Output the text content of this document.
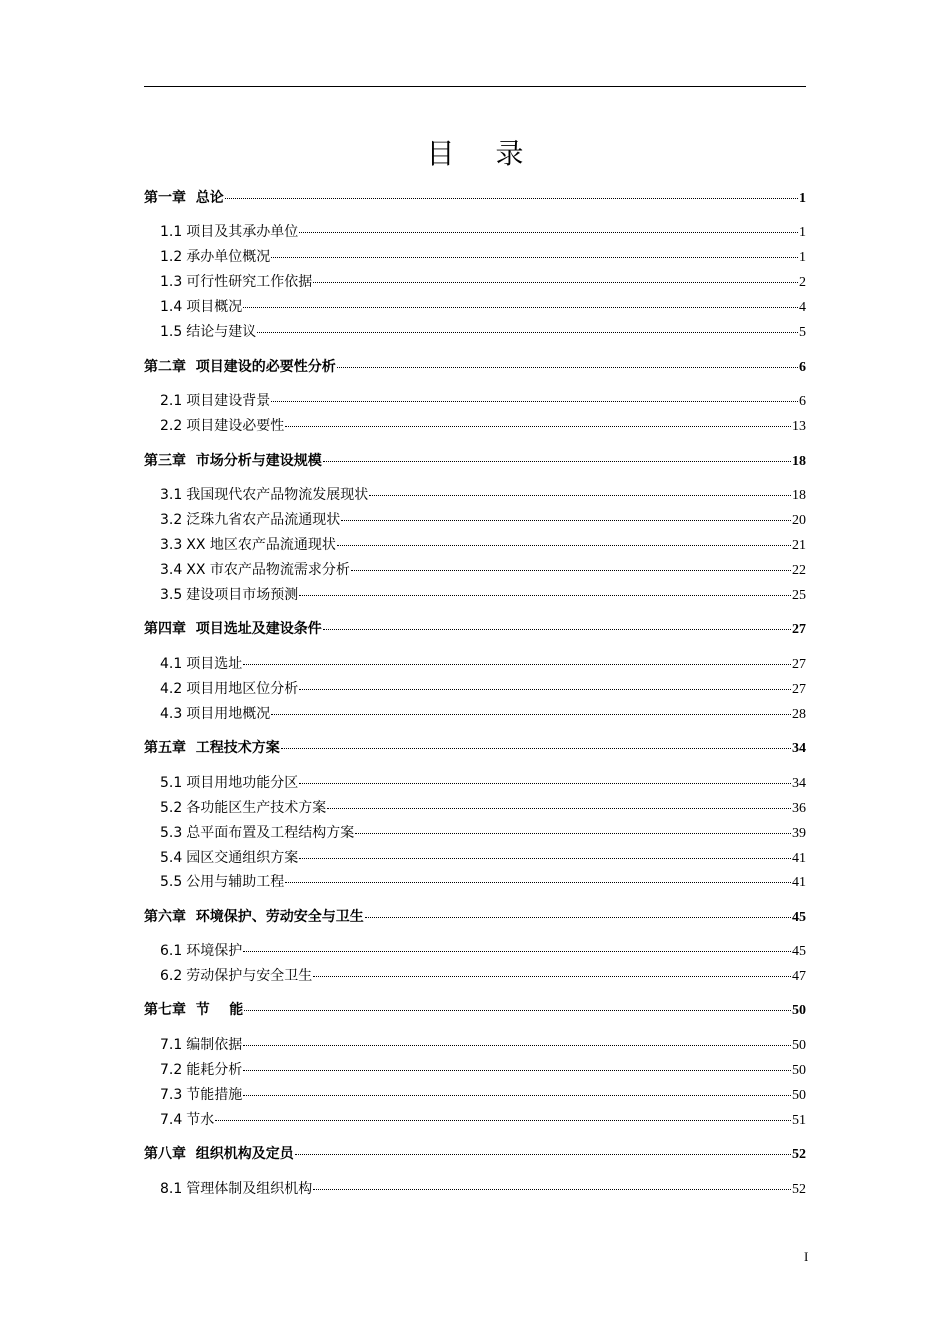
目 录
第一章  总论	1
1.1 项目及其承办单位	1
1.2 承办单位概况	1
1.3 可行性研究工作依据	2
1.4 项目概况	4
1.5 结论与建议	5
第二章  项目建设的必要性分析	6
2.1 项目建设背景	6
2.2 项目建设必要性	13
第三章  市场分析与建设规模	18
3.1 我国现代农产品物流发展现状	18
3.2 泛珠九省农产品流通现状	20
3.3 XX 地区农产品流通现状	21
3.4 XX 市农产品物流需求分析	22
3.5 建设项目市场预测	25
第四章  项目选址及建设条件	27
4.1 项目选址	27
4.2 项目用地区位分析	27
4.3 项目用地概况	28
第五章  工程技术方案	34
5.1 项目用地功能分区	34
5.2 各功能区生产技术方案	36
5.3 总平面布置及工程结构方案	39
5.4 园区交通组织方案	41
5.5 公用与辅助工程	41
第六章  环境保护、劳动安全与卫生	45
6.1 环境保护	45
6.2 劳动保护与安全卫生	47
第七章  节    能	50
7.1 编制依据	50
7.2 能耗分析	50
7.3 节能措施	50
7.4 节水	51
第八章  组织机构及定员	52
8.1 管理体制及组织机构	52
I
